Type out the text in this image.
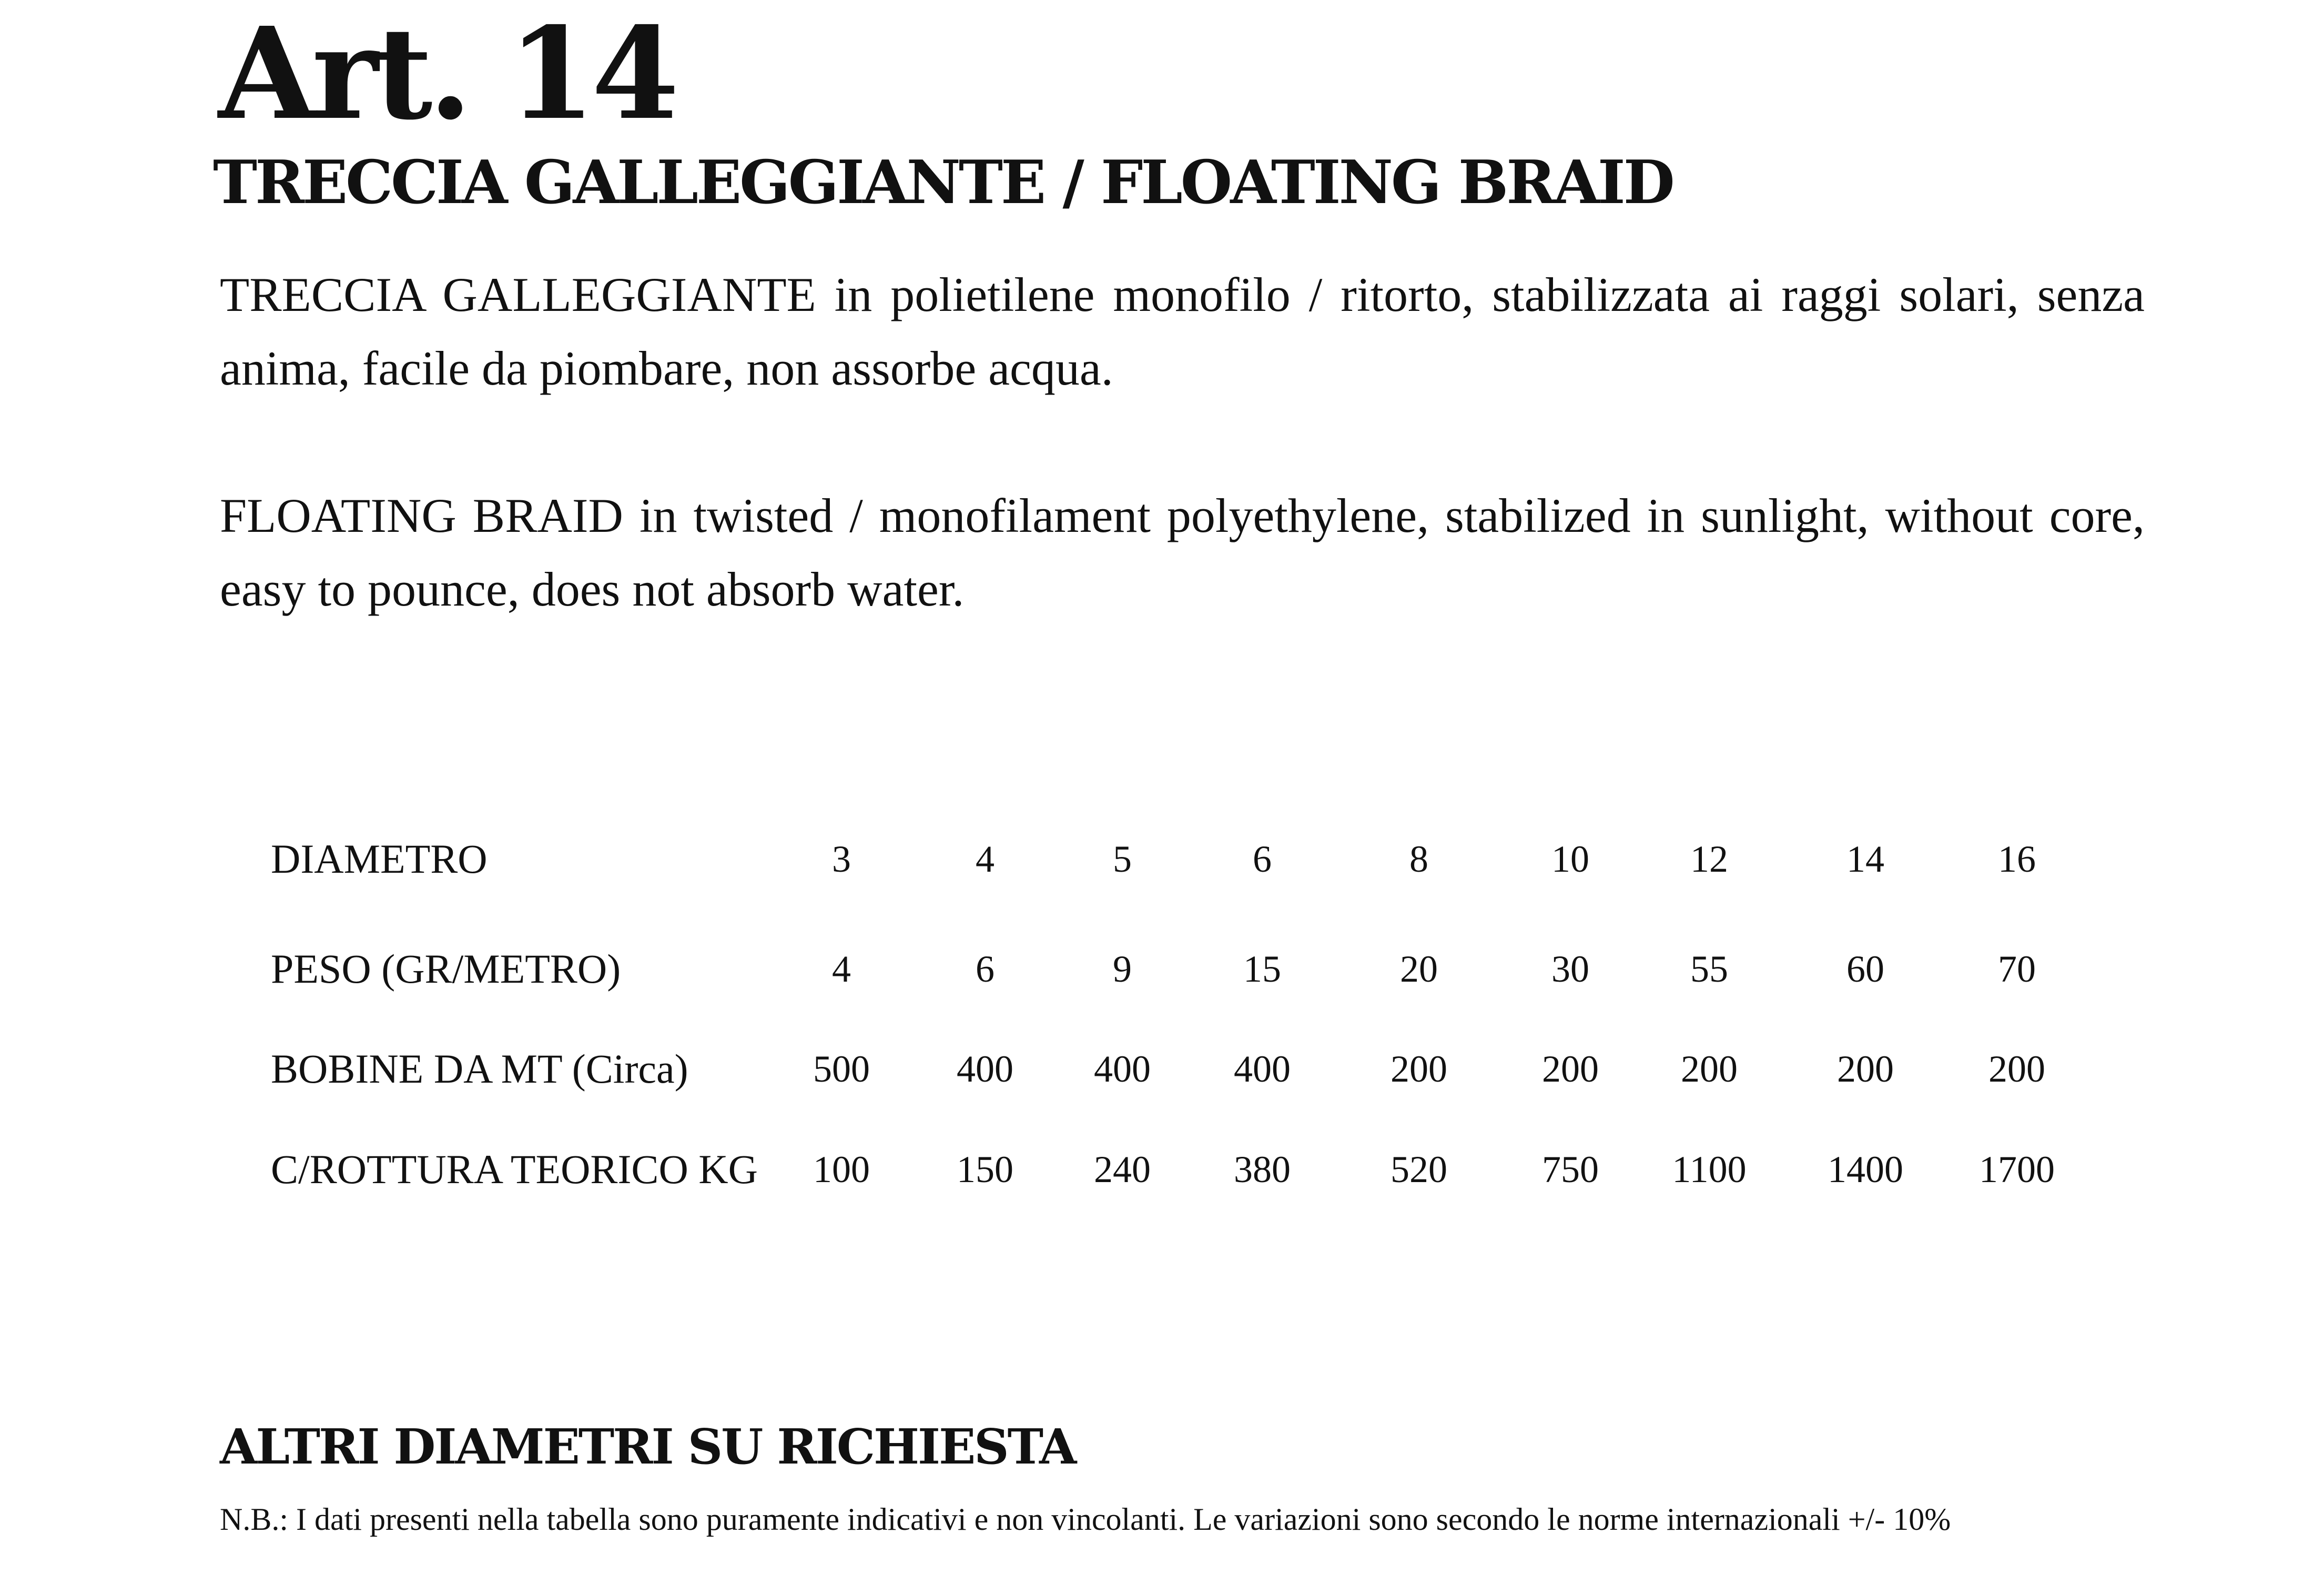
Art. 14
TRECCIA GALLEGGIANTE / FLOATING BRAID

TRECCIA GALLEGGIANTE in polietilene monofilo / ritorto, stabilizzata ai raggi solari, senza anima, facile da piombare, non assorbe acqua.

FLOATING BRAID in twisted / monofilament polyethylene, stabilized in sunlight, without core, easy to pounce, does not absorb water.

DIAMETRO	3	4	5	6	8	10	12	14	16
PESO (GR/METRO)	4	6	9	15	20	30	55	60	70
BOBINE DA MT (Circa)	500	400	400	400	200	200	200	200	200
C/ROTTURA TEORICO KG	100	150	240	380	520	750	1100	1400	1700
ALTRI DIAMETRI SU RICHIESTA

N.B.: I dati presenti nella tabella sono puramente indicativi e non vincolanti. Le variazioni sono secondo le norme internazionali +/- 10%
